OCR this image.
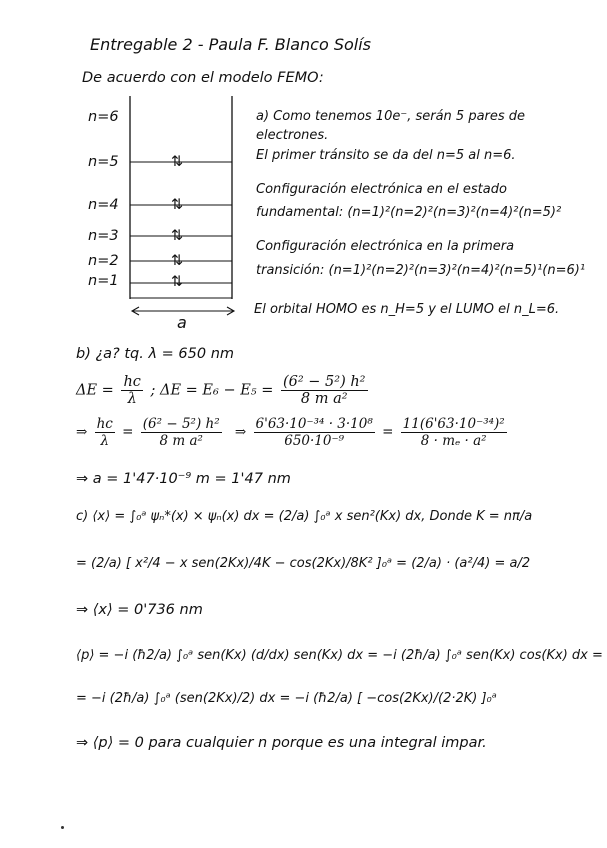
n=6
n=5
n=4
n=3
n=2
n=1
⇅
⇅
⇅
⇅
⇅
a
Entregable 2 - Paula F. Blanco Solís
De acuerdo con el modelo FEMO:
a) Como tenemos 10e⁻, serán 5 pares de
electrones.
El primer tránsito se da del n=5 al n=6.
Configuración electrónica en el estado
fundamental: (n=1)²(n=2)²(n=3)²(n=4)²(n=5)²
Configuración electrónica en la primera
transición: (n=1)²(n=2)²(n=3)²(n=4)²(n=5)¹(n=6)¹
El orbital HOMO es n_H=5 y el LUMO el n_L=6.
b) ¿a? tq. λ = 650 nm
$\Delta E = \frac{hc}{\lambda}$ ; $\Delta E = E_6 - E_5 = \frac{\text{(6² − 5²) h²}}{\text{8 m a²}}$
⇒ $\frac{hc}{\lambda} = \frac{\text{(6² − 5²) h²}}{\text{8 m a²}}$ ⇒ $\frac{\text{6'63·10⁻³⁴ · 3·10⁸}}{\text{650·10⁻⁹}} = \frac{\text{11(6'63·10⁻³⁴)²}}{\text{8 · mₑ · a²}}$
⇒ a = 1'47·10⁻⁹ m = 1'47 nm
c) ⟨x⟩ = ∫₀ᵃ ψₙ*(x) × ψₙ(x) dx = (2/a) ∫₀ᵃ x sen²(Kx) dx, Donde K = nπ/a
= (2/a) [ x²/4 − x sen(2Kx)/4K − cos(2Kx)/8K² ]₀ᵃ = (2/a) · (a²/4) = a/2
⇒ ⟨x⟩ = 0'736 nm
⟨p⟩ = −i (ħ2/a) ∫₀ᵃ sen(Kx) (d/dx) sen(Kx) dx = −i (2ħ/a) ∫₀ᵃ sen(Kx) cos(Kx) dx =
= −i (2ħ/a) ∫₀ᵃ (sen(2Kx)/2) dx = −i (ħ2/a) [ −cos(2Kx)/(2·2K) ]₀ᵃ
⇒ ⟨p⟩ = 0 para cualquier n porque es una integral impar.
